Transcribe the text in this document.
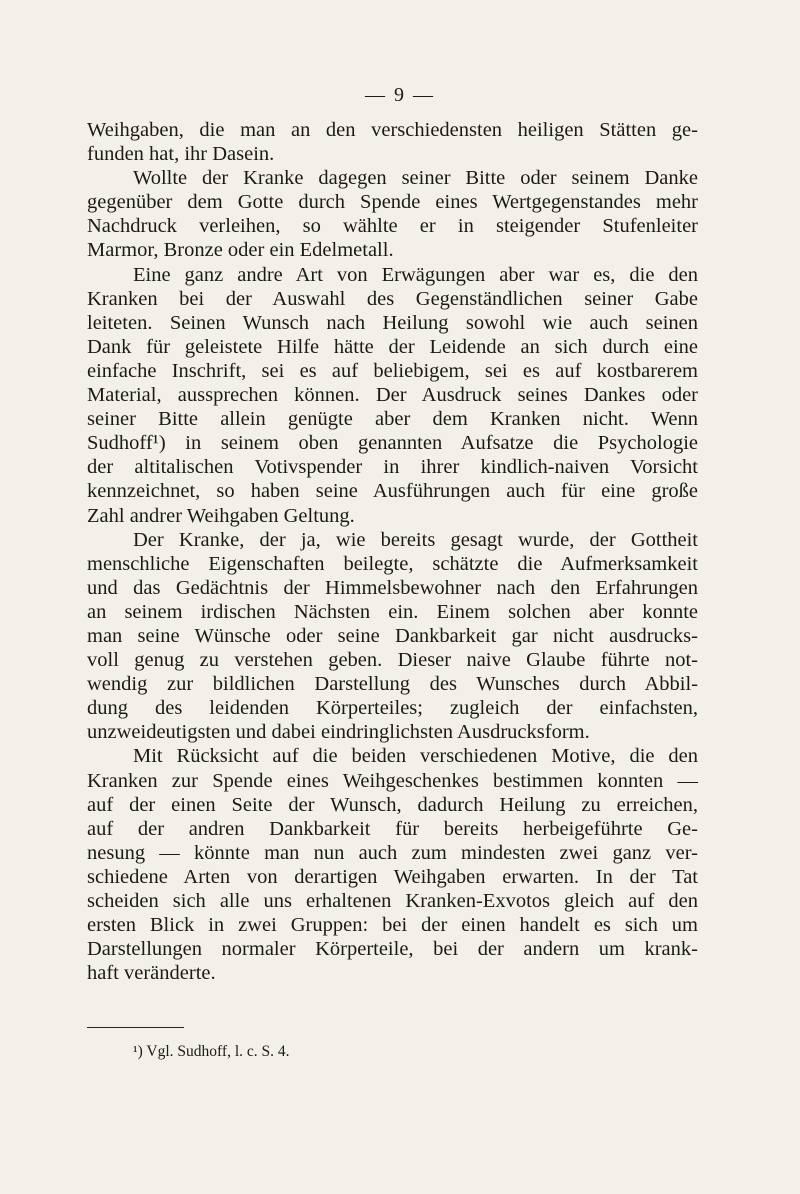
— 9 —
Weihgaben, die man an den verschiedensten heiligen Stätten ge-
funden hat, ihr Dasein.
Wollte der Kranke dagegen seiner Bitte oder seinem Danke
gegenüber dem Gotte durch Spende eines Wertgegenstandes mehr
Nachdruck verleihen, so wählte er in steigender Stufenleiter
Marmor, Bronze oder ein Edelmetall.
Eine ganz andre Art von Erwägungen aber war es, die den
Kranken bei der Auswahl des Gegenständlichen seiner Gabe
leiteten. Seinen Wunsch nach Heilung sowohl wie auch seinen
Dank für geleistete Hilfe hätte der Leidende an sich durch eine
einfache Inschrift, sei es auf beliebigem, sei es auf kostbarerem
Material, aussprechen können. Der Ausdruck seines Dankes oder
seiner Bitte allein genügte aber dem Kranken nicht. Wenn
Sudhoff¹) in seinem oben genannten Aufsatze die Psychologie
der altitalischen Votivspender in ihrer kindlich-naiven Vorsicht
kennzeichnet, so haben seine Ausführungen auch für eine große
Zahl andrer Weihgaben Geltung.
Der Kranke, der ja, wie bereits gesagt wurde, der Gottheit
menschliche Eigenschaften beilegte, schätzte die Aufmerksamkeit
und das Gedächtnis der Himmelsbewohner nach den Erfahrungen
an seinem irdischen Nächsten ein. Einem solchen aber konnte
man seine Wünsche oder seine Dankbarkeit gar nicht ausdrucks-
voll genug zu verstehen geben. Dieser naive Glaube führte not-
wendig zur bildlichen Darstellung des Wunsches durch Abbil-
dung des leidenden Körperteiles; zugleich der einfachsten,
unzweideutigsten und dabei eindringlichsten Ausdrucksform.
Mit Rücksicht auf die beiden verschiedenen Motive, die den
Kranken zur Spende eines Weihgeschenkes bestimmen konnten —
auf der einen Seite der Wunsch, dadurch Heilung zu erreichen,
auf der andren Dankbarkeit für bereits herbeigeführte Ge-
nesung — könnte man nun auch zum mindesten zwei ganz ver-
schiedene Arten von derartigen Weihgaben erwarten. In der Tat
scheiden sich alle uns erhaltenen Kranken-Exvotos gleich auf den
ersten Blick in zwei Gruppen: bei der einen handelt es sich um
Darstellungen normaler Körperteile, bei der andern um krank-
haft veränderte.
¹) Vgl. Sudhoff, l. c. S. 4.
